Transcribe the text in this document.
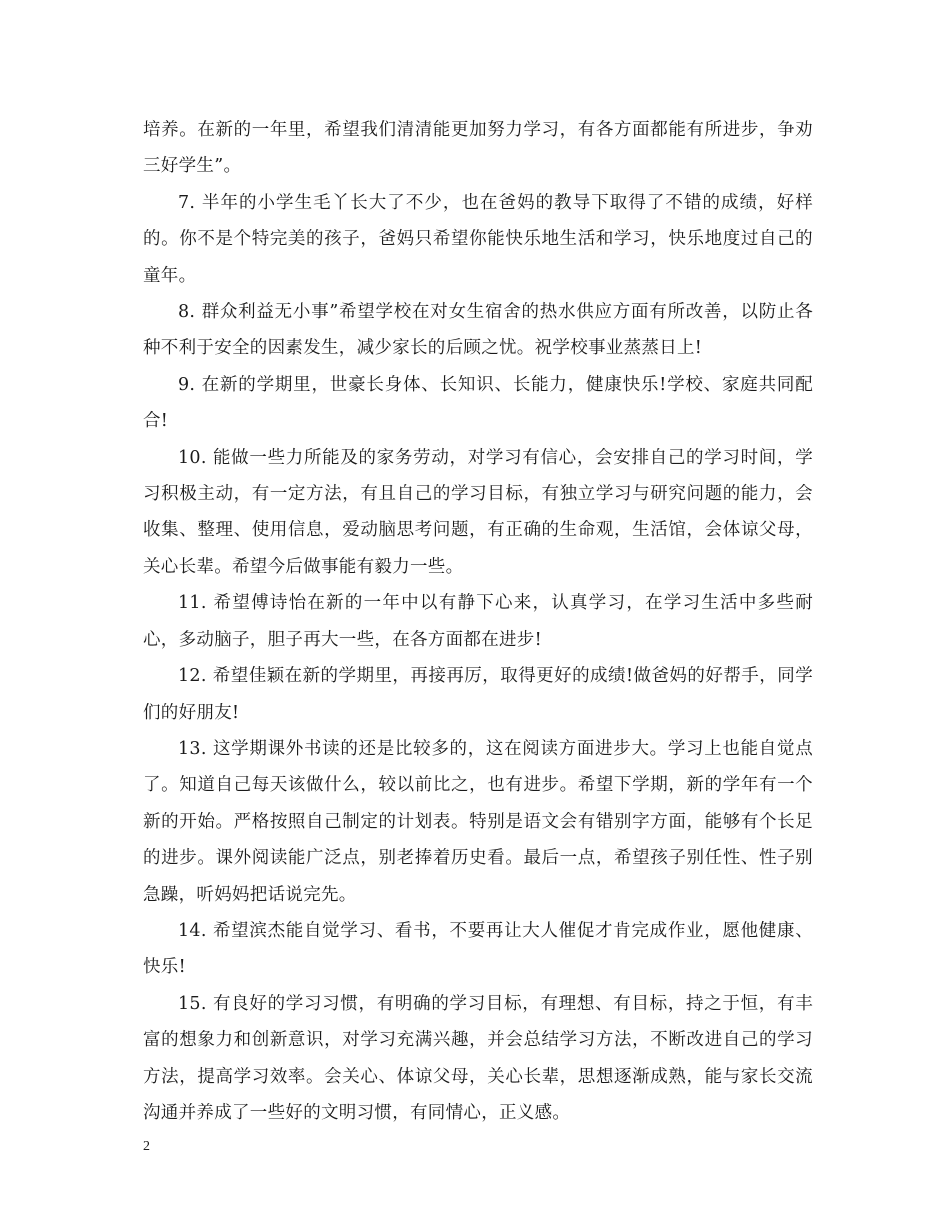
培养。在新的一年里，希望我们清清能更加努力学习，有各方面都能有所进步，争劝三好学生”。

7. 半年的小学生毛丫长大了不少，也在爸妈的教导下取得了不错的成绩，好样的。你不是个特完美的孩子，爸妈只希望你能快乐地生活和学习，快乐地度过自己的童年。

8. 群众利益无小事”希望学校在对女生宿舍的热水供应方面有所改善，以防止各种不利于安全的因素发生，减少家长的后顾之忧。祝学校事业蒸蒸日上!

9. 在新的学期里，世豪长身体、长知识、长能力，健康快乐!学校、家庭共同配合!

10. 能做一些力所能及的家务劳动，对学习有信心，会安排自己的学习时间，学习积极主动，有一定方法，有且自己的学习目标，有独立学习与研究问题的能力，会收集、整理、使用信息，爱动脑思考问题，有正确的生命观，生活馆，会体谅父母，关心长辈。希望今后做事能有毅力一些。

11. 希望傅诗怡在新的一年中以有静下心来，认真学习，在学习生活中多些耐心，多动脑子，胆子再大一些，在各方面都在进步!

12. 希望佳颖在新的学期里，再接再厉，取得更好的成绩!做爸妈的好帮手，同学们的好朋友!

13. 这学期课外书读的还是比较多的，这在阅读方面进步大。学习上也能自觉点了。知道自己每天该做什么，较以前比之，也有进步。希望下学期，新的学年有一个新的开始。严格按照自己制定的计划表。特别是语文会有错别字方面，能够有个长足的进步。课外阅读能广泛点，别老捧着历史看。最后一点，希望孩子别任性、性子别急躁，听妈妈把话说完先。

14. 希望滨杰能自觉学习、看书，不要再让大人催促才肯完成作业，愿他健康、快乐!

15. 有良好的学习习惯，有明确的学习目标，有理想、有目标，持之于恒，有丰富的想象力和创新意识，对学习充满兴趣，并会总结学习方法，不断改进自己的学习方法，提高学习效率。会关心、体谅父母，关心长辈，思想逐渐成熟，能与家长交流沟通并养成了一些好的文明习惯，有同情心，正义感。

2
